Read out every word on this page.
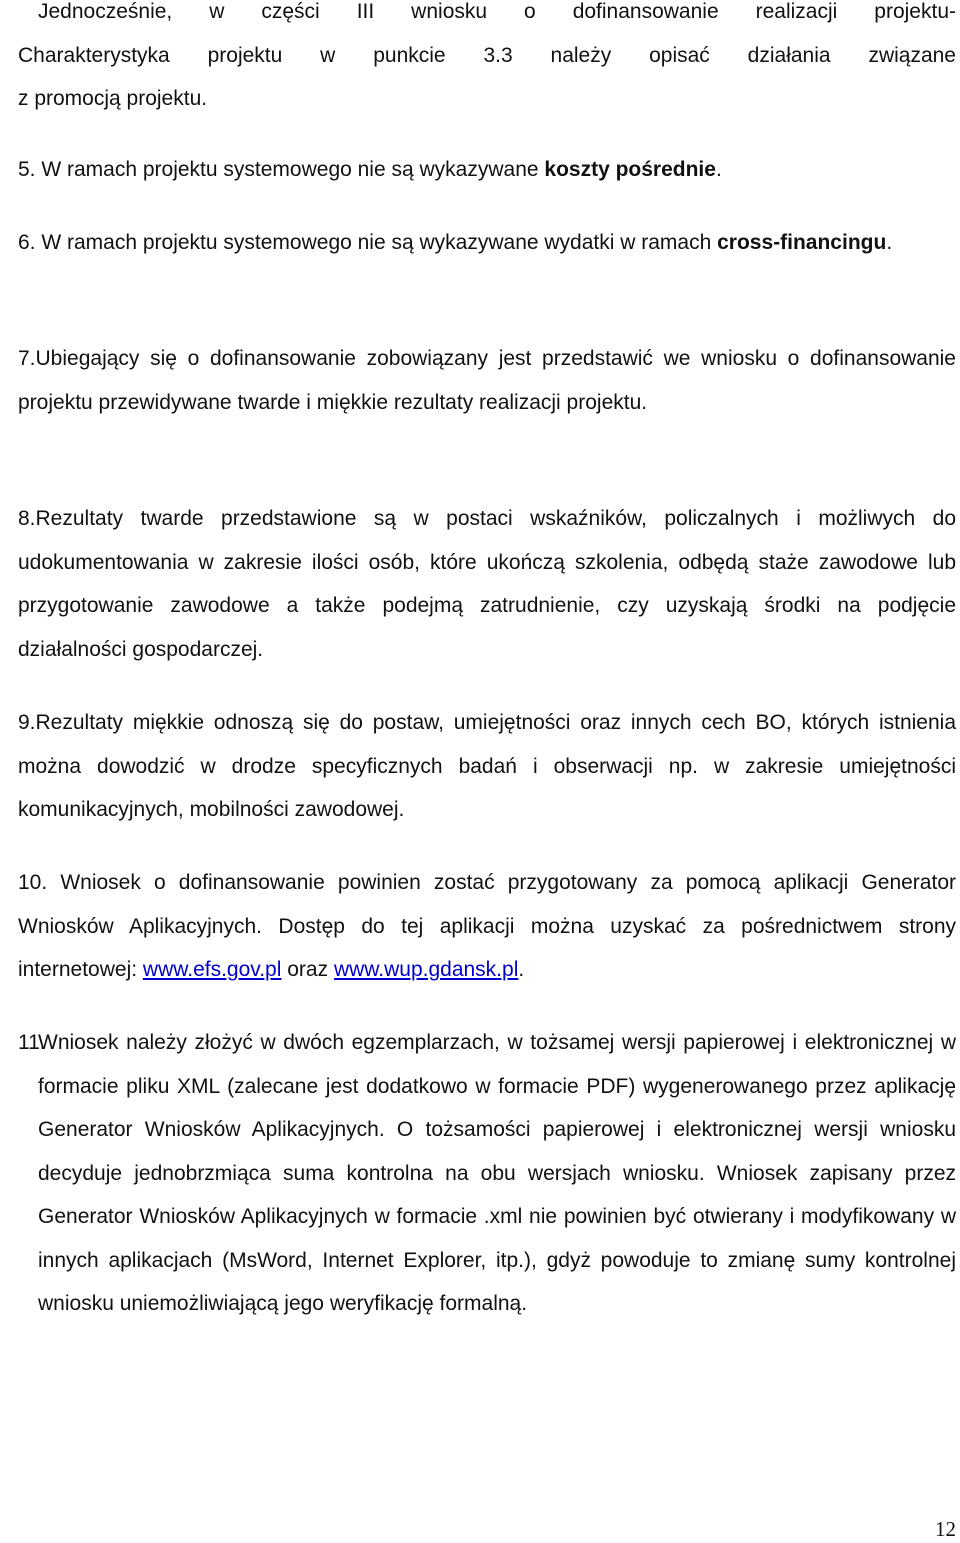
Jednocześnie, w części III wniosku o dofinansowanie realizacji projektu-

Charakterystyka projektu w punkcie 3.3 należy opisać działania związane

z promocją projektu.

5. W ramach projektu systemowego nie są wykazywane koszty pośrednie.

6. W ramach projektu systemowego nie są wykazywane wydatki w ramach cross-financingu.

7.Ubiegający się o dofinansowanie zobowiązany jest przedstawić we wniosku o dofinansowanie projektu przewidywane twarde i miękkie rezultaty realizacji projektu.

8.Rezultaty twarde przedstawione są w postaci wskaźników, policzalnych i możliwych do udokumentowania w zakresie ilości osób, które ukończą szkolenia, odbędą staże zawodowe lub przygotowanie zawodowe a także podejmą zatrudnienie, czy uzyskają środki na podjęcie działalności gospodarczej.

9.Rezultaty miękkie odnoszą się do postaw, umiejętności oraz innych cech BO, których istnienia można dowodzić w drodze specyficznych badań i obserwacji np. w zakresie umiejętności komunikacyjnych, mobilności zawodowej.

10. Wniosek o dofinansowanie powinien zostać przygotowany za pomocą aplikacji Generator Wniosków Aplikacyjnych. Dostęp do tej aplikacji można uzyskać za pośrednictwem strony internetowej: www.efs.gov.pl oraz www.wup.gdansk.pl.

11.

Wniosek należy złożyć w dwóch egzemplarzach, w tożsamej wersji papierowej i elektronicznej w formacie pliku XML (zalecane jest dodatkowo w formacie PDF) wygenerowanego przez aplikację Generator Wniosków Aplikacyjnych. O tożsamości papierowej i elektronicznej wersji wniosku decyduje jednobrzmiąca suma kontrolna na obu wersjach wniosku. Wniosek zapisany przez Generator Wniosków Aplikacyjnych w formacie .xml nie powinien być otwierany i modyfikowany w innych aplikacjach (MsWord, Internet Explorer, itp.), gdyż powoduje to zmianę sumy kontrolnej wniosku uniemożliwiającą jego weryfikację formalną.

12
